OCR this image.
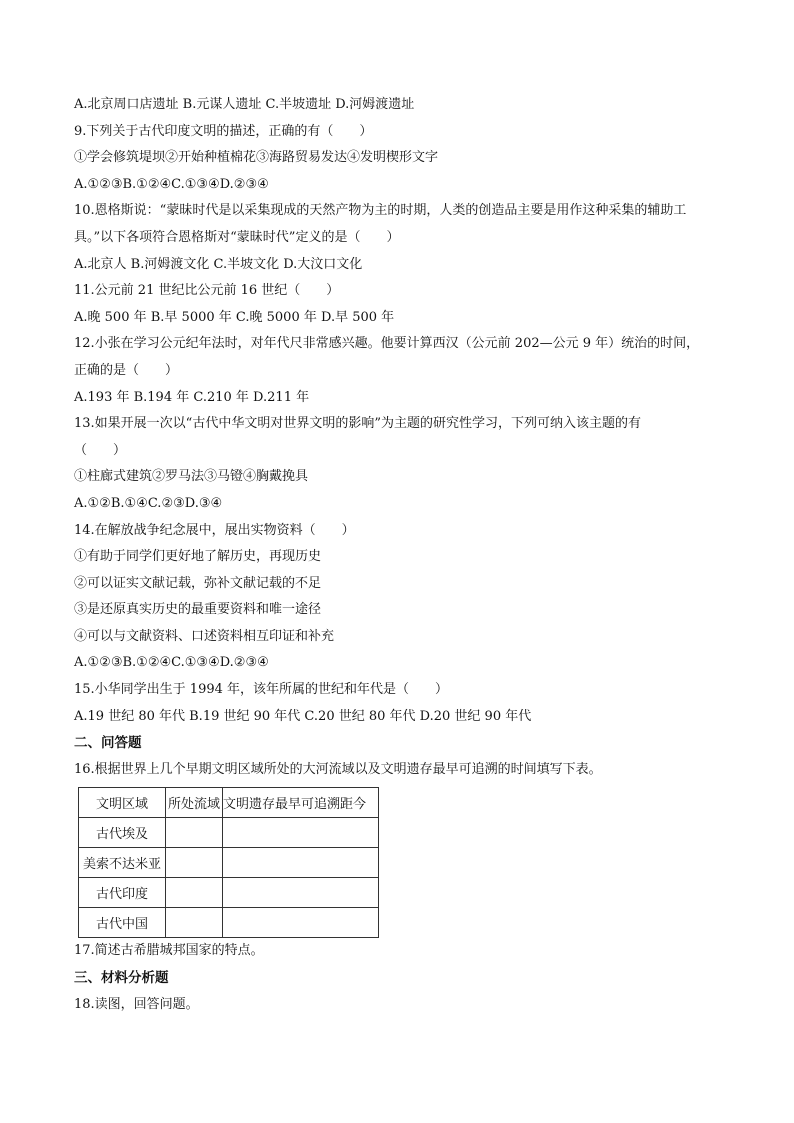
A.北京周口店遗址 B.元谋人遗址 C.半坡遗址 D.河姆渡遗址
9.下列关于古代印度文明的描述，正确的有（　　）
①学会修筑堤坝②开始种植棉花③海路贸易发达④发明楔形文字
A.①②③B.①②④C.①③④D.②③④
10.恩格斯说：“蒙昧时代是以采集现成的天然产物为主的时期，人类的创造品主要是用作这种采集的辅助工
具。”以下各项符合恩格斯对“蒙昧时代”定义的是（　　）
A.北京人 B.河姆渡文化 C.半坡文化 D.大汶口文化
11.公元前 21 世纪比公元前 16 世纪（　　）
A.晚 500 年 B.早 5000 年 C.晚 5000 年 D.早 500 年
12.小张在学习公元纪年法时，对年代尺非常感兴趣。他要计算西汉（公元前 202—公元 9 年）统治的时间，
正确的是（　　）
A.193 年 B.194 年 C.210 年 D.211 年
13.如果开展一次以“古代中华文明对世界文明的影响”为主题的研究性学习，下列可纳入该主题的有
（　　）
①柱廊式建筑②罗马法③马镫④胸戴挽具
A.①②B.①④C.②③D.③④
14.在解放战争纪念展中，展出实物资料（　　）
①有助于同学们更好地了解历史，再现历史
②可以证实文献记载，弥补文献记载的不足
③是还原真实历史的最重要资料和唯一途径
④可以与文献资料、口述资料相互印证和补充
A.①②③B.①②④C.①③④D.②③④
15.小华同学出生于 1994 年，该年所属的世纪和年代是（　　）
A.19 世纪 80 年代 B.19 世纪 90 年代 C.20 世纪 80 年代 D.20 世纪 90 年代
二、问答题
16.根据世界上几个早期文明区域所处的大河流域以及文明遗存最早可追溯的时间填写下表。
文明区域	所处流域	文明遗存最早可追溯距今
古代埃及		
美索不达米亚		
古代印度		
古代中国		
17.简述古希腊城邦国家的特点。
三、材料分析题
18.读图，回答问题。
